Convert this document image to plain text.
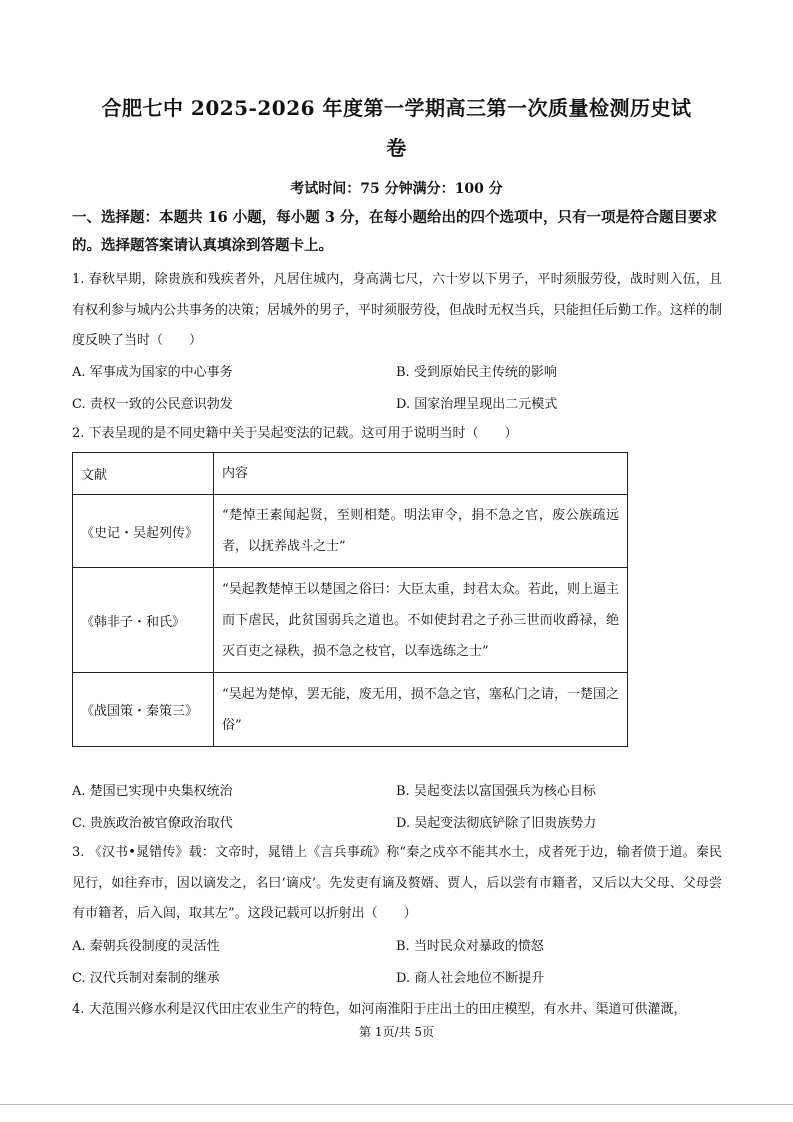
合肥七中 2025-2026 年度第一学期高三第一次质量检测历史试
卷
考试时间：75 分钟满分：100 分
一、选择题：本题共 16 小题，每小题 3 分，在每小题给出的四个选项中，只有一项是符合题目要求的。选择题答案请认真填涂到答题卡上。
1. 春秋早期，除贵族和残疾者外，凡居住城内，身高满七尺，六十岁以下男子，平时须服劳役，战时则入伍，且有权利参与城内公共事务的决策；居城外的男子，平时须服劳役，但战时无权当兵，只能担任后勤工作。这样的制度反映了当时（　　）
A. 军事成为国家的中心事务	B. 受到原始民主传统的影响
C. 责权一致的公民意识勃发	D. 国家治理呈现出二元模式
2. 下表呈现的是不同史籍中关于吴起变法的记载。这可用于说明当时（　　）
文献	内容
《史记・吴起列传》	“楚悼王素闻起贤，至则相楚。明法审令，捐不急之官，废公族疏远者，以抚养战斗之士”
《韩非子・和氏》	“吴起教楚悼王以楚国之俗曰：大臣太重，封君太众。若此，则上逼主而下虐民，此贫国弱兵之道也。不如使封君之子孙三世而收爵禄，绝灭百吏之禄秩，损不急之枝官，以奉选练之士”
《战国策・秦策三》	“吴起为楚悼，罢无能，废无用，损不急之官，塞私门之请，一楚国之俗”
A. 楚国已实现中央集权统治	B. 吴起变法以富国强兵为核心目标
C. 贵族政治被官僚政治取代	D. 吴起变法彻底铲除了旧贵族势力
3. 《汉书•晁错传》载：文帝时，晁错上《言兵事疏》称“秦之戍卒不能其水土，戍者死于边，输者偾于道。秦民见行，如往弃市，因以谪发之，名曰‘谪戍’。先发吏有谪及赘婿、贾人，后以尝有市籍者，又后以大父母、父母尝有市籍者，后入闾，取其左”。这段记载可以折射出（　　）
A. 秦朝兵役制度的灵活性	B. 当时民众对暴政的愤怒
C. 汉代兵制对秦制的继承	D. 商人社会地位不断提升
4. 大范围兴修水利是汉代田庄农业生产的特色，如河南淮阳于庄出土的田庄模型，有水井、渠道可供灌溉，
第 1页/共 5页
